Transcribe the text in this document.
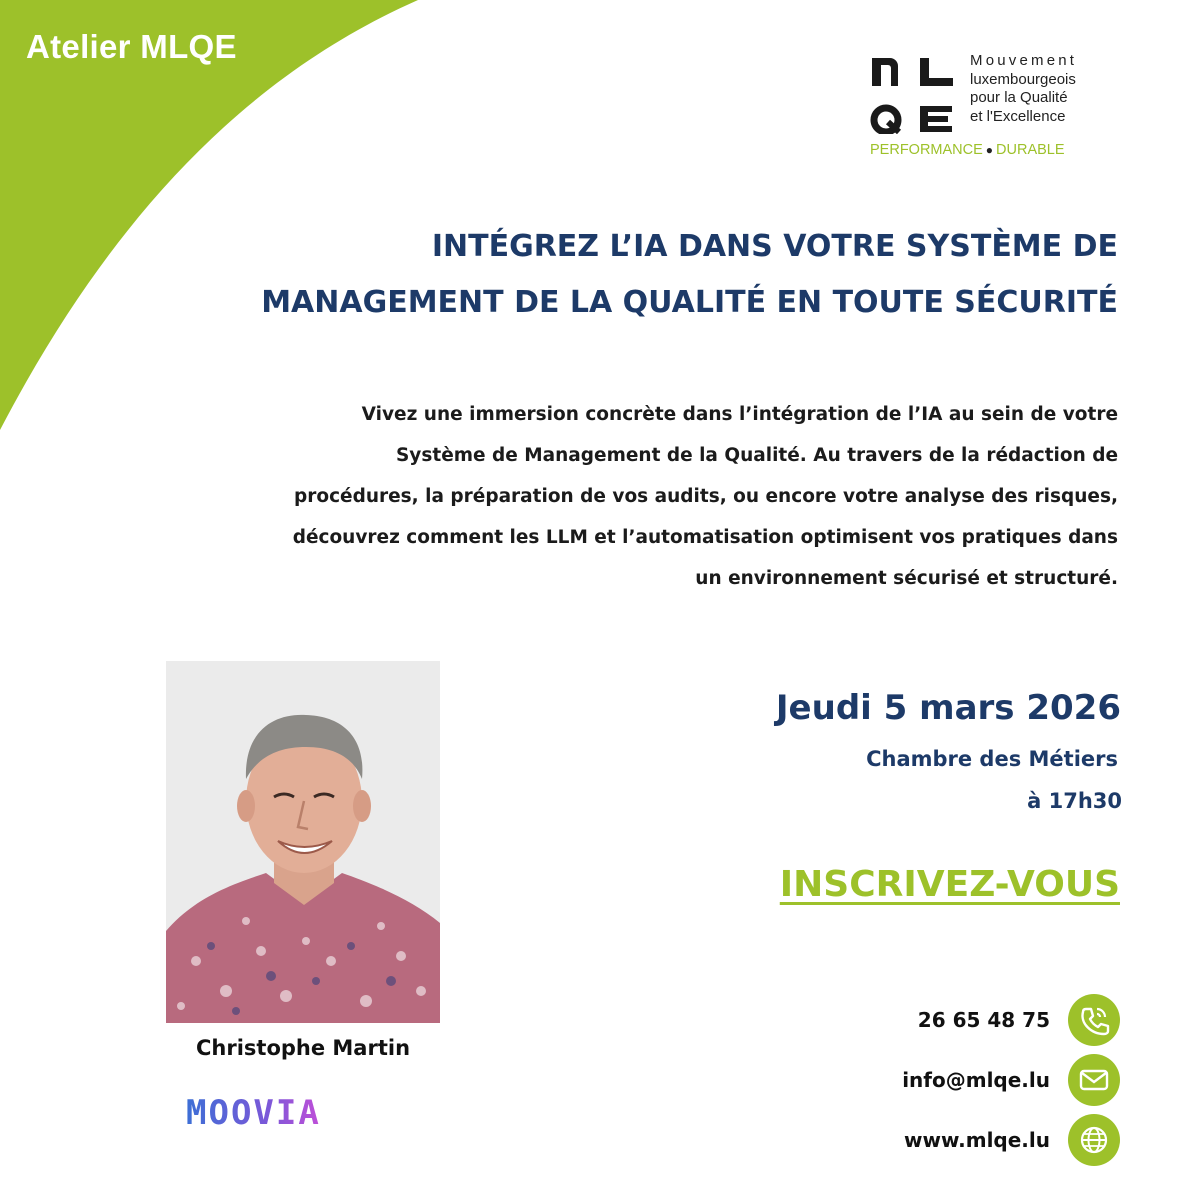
Atelier MLQE	Mouvement
luxembourgeois
pour la Qualité
et l'Excellence
PERFORMANCE ● DURABLE
INTÉGREZ L’IA DANS VOTRE SYSTÈME DE
MANAGEMENT DE LA QUALITÉ EN TOUTE SÉCURITÉ

Vivez une immersion concrète dans l’intégration de l’IA au sein de votre
Système de Management de la Qualité. Au travers de la rédaction de
procédures, la préparation de vos audits, ou encore votre analyse des risques,
découvrez comment les LLM et l’automatisation optimisent vos pratiques dans
un environnement sécurisé et structuré.

Christophe Martin
MOOVIA
Jeudi 5 mars 2026
Chambre des Métiers
à 17h30
INSCRIVEZ-VOUS
26 65 48 75
info@mlqe.lu
www.mlqe.lu
